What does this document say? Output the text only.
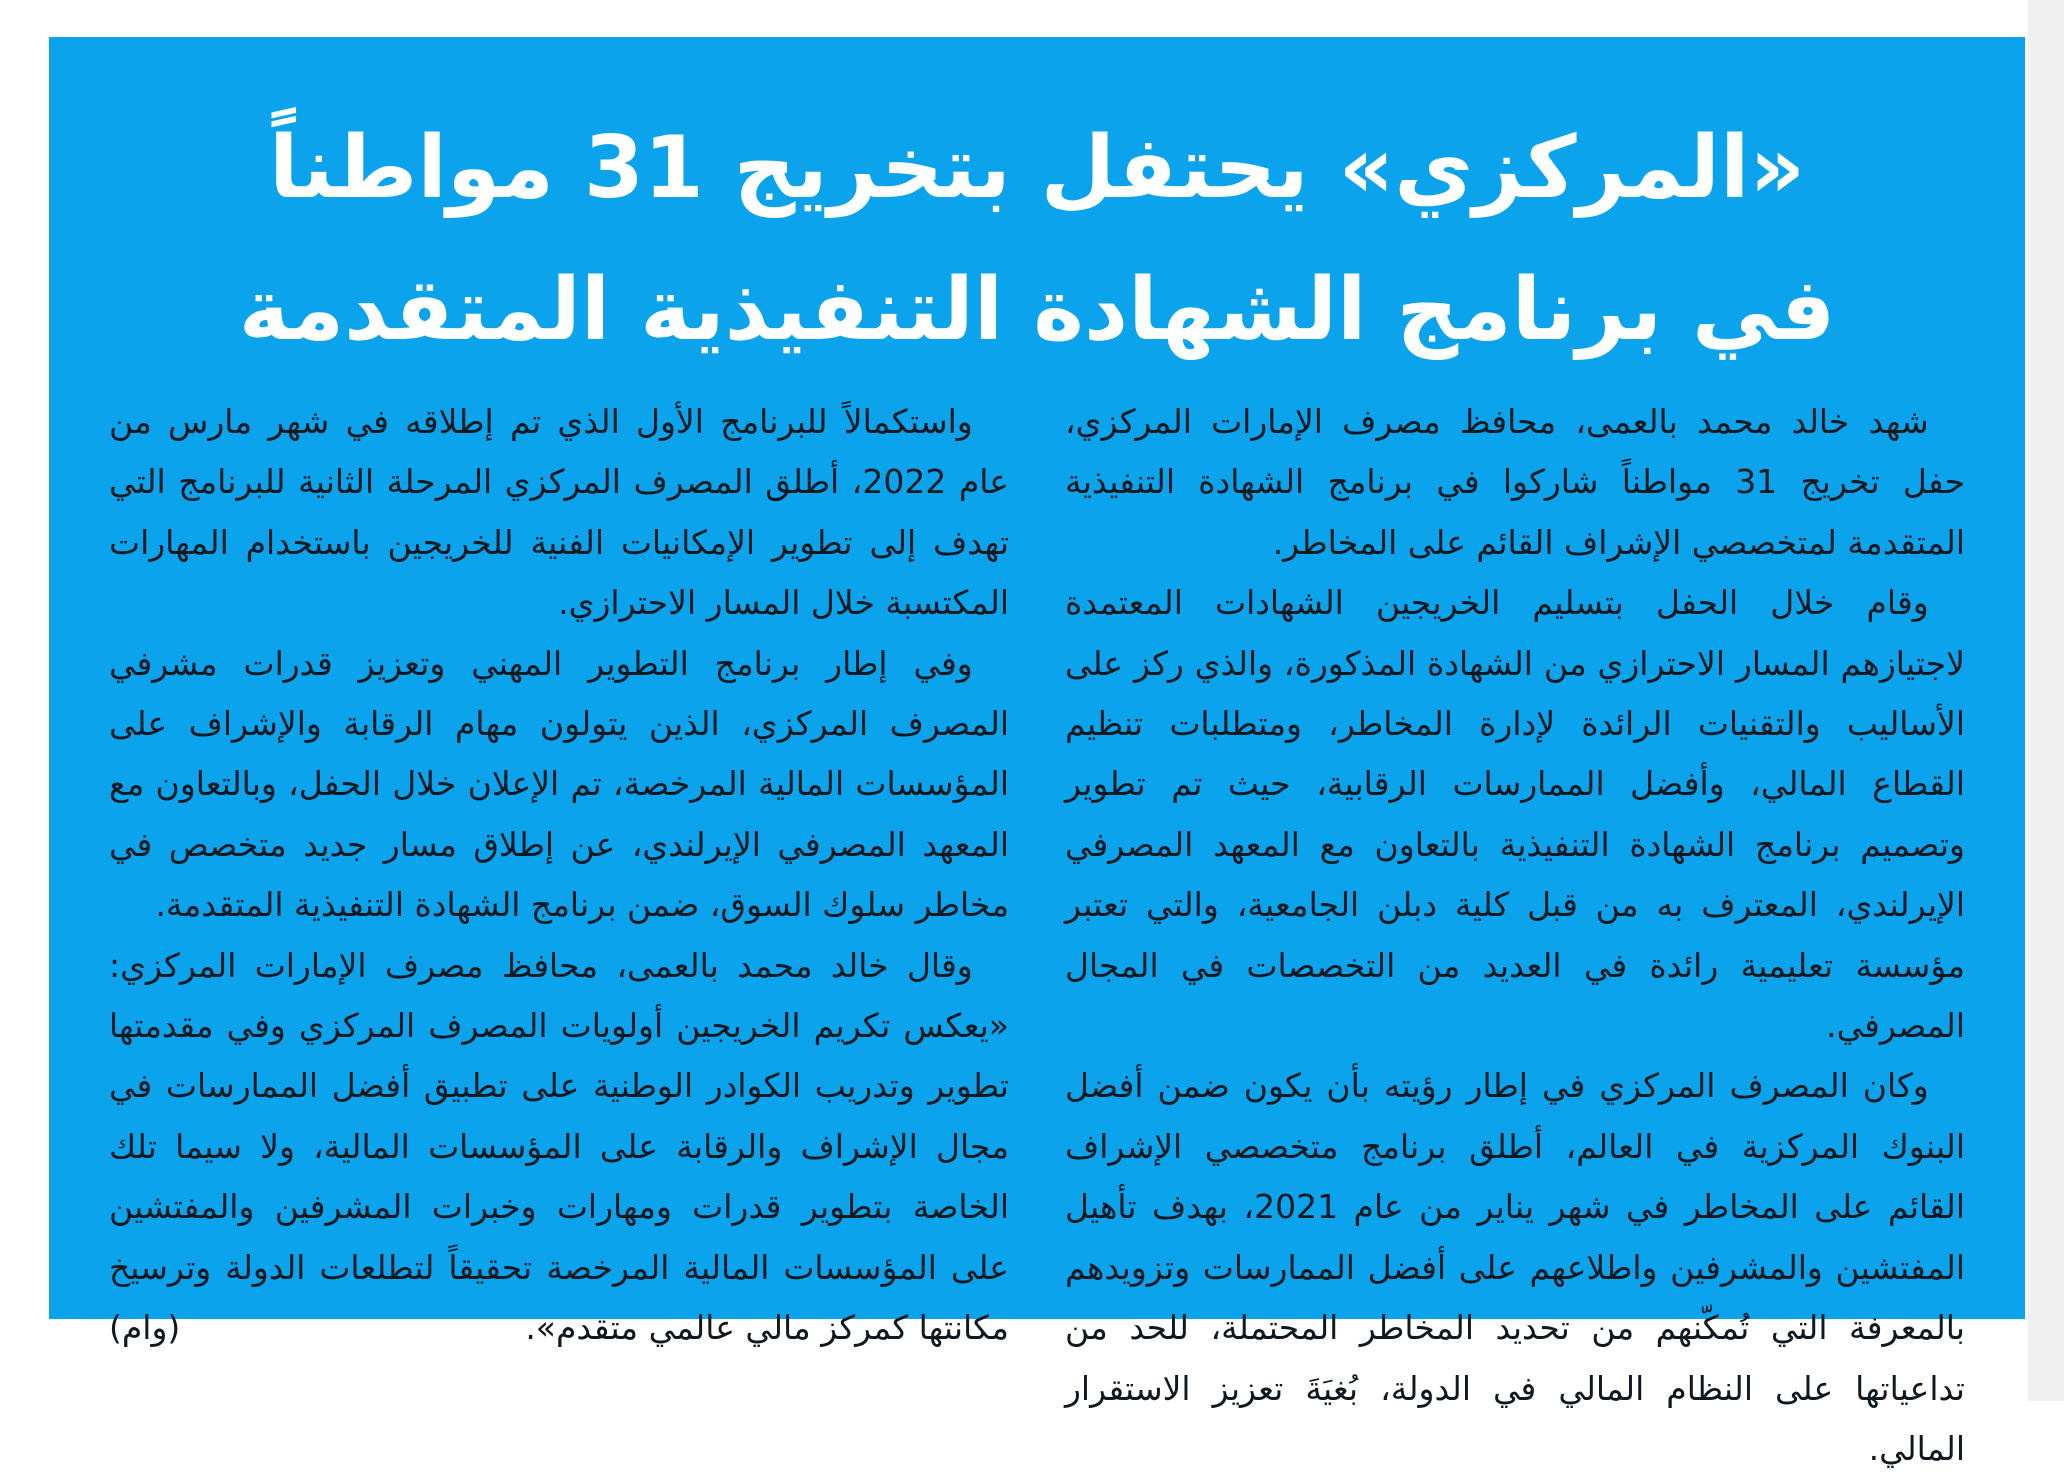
«المركزي» يحتفل بتخريج 31 مواطناً
في برنامج الشهادة التنفيذية المتقدمة

شهد خالد محمد بالعمى، محافظ مصرف الإمارات المركزي، حفل تخريج 31 مواطناً شاركوا في برنامج الشهادة التنفيذية المتقدمة لمتخصصي الإشراف القائم على المخاطر.

وقام خلال الحفل بتسليم الخريجين الشهادات المعتمدة لاجتيازهم المسار الاحترازي من الشهادة المذكورة، والذي ركز على الأساليب والتقنيات الرائدة لإدارة المخاطر، ومتطلبات تنظيم القطاع المالي، وأفضل الممارسات الرقابية، حيث تم تطوير وتصميم برنامج الشهادة التنفيذية بالتعاون مع المعهد المصرفي الإيرلندي، المعترف به من قبل كلية دبلن الجامعية، والتي تعتبر مؤسسة تعليمية رائدة في العديد من التخصصات في المجال المصرفي.

وكان المصرف المركزي في إطار رؤيته بأن يكون ضمن أفضل البنوك المركزية في العالم، أطلق برنامج متخصصي الإشراف القائم على المخاطر في شهر يناير من عام 2021، بهدف تأهيل المفتشين والمشرفين واطلاعهم على أفضل الممارسات وتزويدهم بالمعرفة التي تُمكّنهم من تحديد المخاطر المحتملة، للحد من تداعياتها على النظام المالي في الدولة، بُغيَةَ تعزيز الاستقرار المالي.

واستكمالاً للبرنامج الأول الذي تم إطلاقه في شهر مارس من عام 2022، أطلق المصرف المركزي المرحلة الثانية للبرنامج التي تهدف إلى تطوير الإمكانيات الفنية للخريجين باستخدام المهارات المكتسبة خلال المسار الاحترازي.

وفي إطار برنامج التطوير المهني وتعزيز قدرات مشرفي المصرف المركزي، الذين يتولون مهام الرقابة والإشراف على المؤسسات المالية المرخصة، تم الإعلان خلال الحفل، وبالتعاون مع المعهد المصرفي الإيرلندي، عن إطلاق مسار جديد متخصص في مخاطر سلوك السوق، ضمن برنامج الشهادة التنفيذية المتقدمة.

وقال خالد محمد بالعمى، محافظ مصرف الإمارات المركزي: «يعكس تكريم الخريجين أولويات المصرف المركزي وفي مقدمتها تطوير وتدريب الكوادر الوطنية على تطبيق أفضل الممارسات في مجال الإشراف والرقابة على المؤسسات المالية، ولا سيما تلك الخاصة بتطوير قدرات ومهارات وخبرات المشرفين والمفتشين على المؤسسات المالية المرخصة تحقيقاً لتطلعات الدولة وترسيخ مكانتها كمركز مالي عالمي متقدم».

(وام)
